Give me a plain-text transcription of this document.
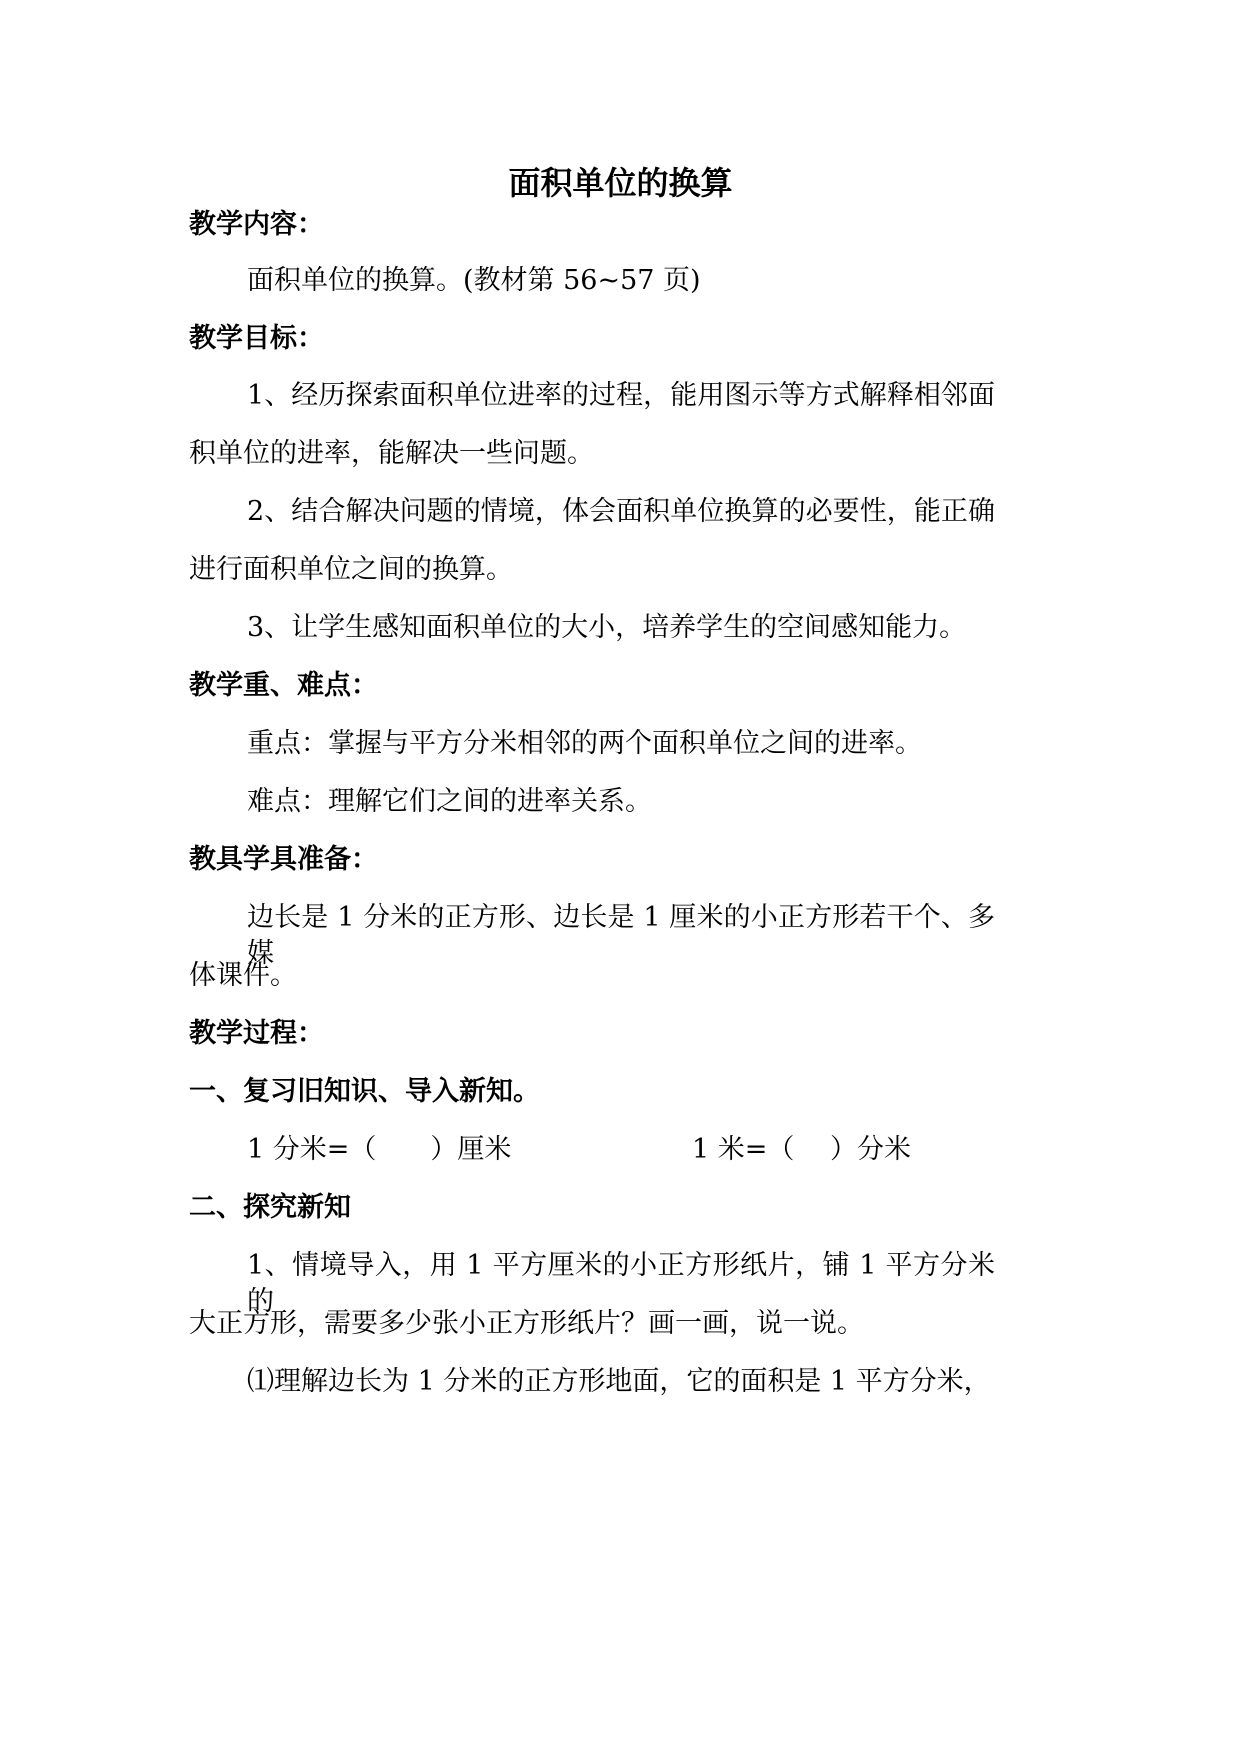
面积单位的换算

教学内容：

面积单位的换算。(教材第 56~57 页)

教学目标：

1、经历探索面积单位进率的过程，能用图示等方式解释相邻面

积单位的进率，能解决一些问题。

2、结合解决问题的情境，体会面积单位换算的必要性，能正确

进行面积单位之间的换算。

3、让学生感知面积单位的大小，培养学生的空间感知能力。

教学重、难点：

重点：掌握与平方分米相邻的两个面积单位之间的进率。

难点：理解它们之间的进率关系。

教具学具准备：

边长是 1 分米的正方形、边长是 1 厘米的小正方形若干个、多媒

体课件。

教学过程：

一、复习旧知识、导入新知。

1 分米=（　　）厘米	1 米=（　 ）分米

二、探究新知

1、情境导入，用 1 平方厘米的小正方形纸片，铺 1 平方分米的

大正方形，需要多少张小正方形纸片？画一画，说一说。

⑴理解边长为 1 分米的正方形地面，它的面积是 1 平方分米，
